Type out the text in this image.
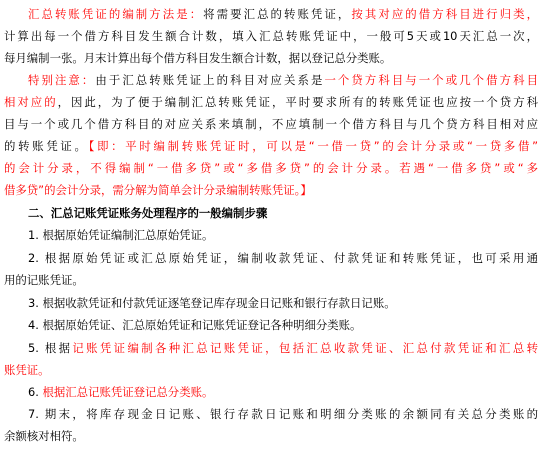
汇总转账凭证的编制方法是：将需要汇总的转账凭证，按其对应的借方科目进行归类，
计算出每一个借方科目发生额合计数，填入汇总转账凭证中，一般可5天或10天汇总一次，
每月编制一张。月末计算出每个借方科目发生额合计数，据以登记总分类账。
特别注意：由于汇总转账凭证上的科目对应关系是一个贷方科目与一个或几个借方科目
相对应的，因此，为了便于编制汇总转账凭证，平时要求所有的转账凭证也应按一个贷方科
目与一个或几个借方科目的对应关系来填制，不应填制一个借方科目与几个贷方科目相对应
的转账凭证。【即：平时编制转账凭证时，可以是“一借一贷”的会计分录或“一贷多借”
的会计分录，不得编制“一借多贷”或“多借多贷”的会计分录。若遇“一借多贷”或“多
借多贷”的会计分录，需分解为简单会计分录编制转账凭证。】
二、汇总记账凭证账务处理程序的一般编制步骤
1. 根据原始凭证编制汇总原始凭证。
2. 根据原始凭证或汇总原始凭证，编制收款凭证、付款凭证和转账凭证，也可采用通
用的记账凭证。
3. 根据收款凭证和付款凭证逐笔登记库存现金日记账和银行存款日记账。
4. 根据原始凭证、汇总原始凭证和记账凭证登记各种明细分类账。
5. 根据记账凭证编制各种汇总记账凭证，包括汇总收款凭证、汇总付款凭证和汇总转
账凭证。
6. 根据汇总记账凭证登记总分类账。
7. 期末，将库存现金日记账、银行存款日记账和明细分类账的余额同有关总分类账的
余额核对相符。
